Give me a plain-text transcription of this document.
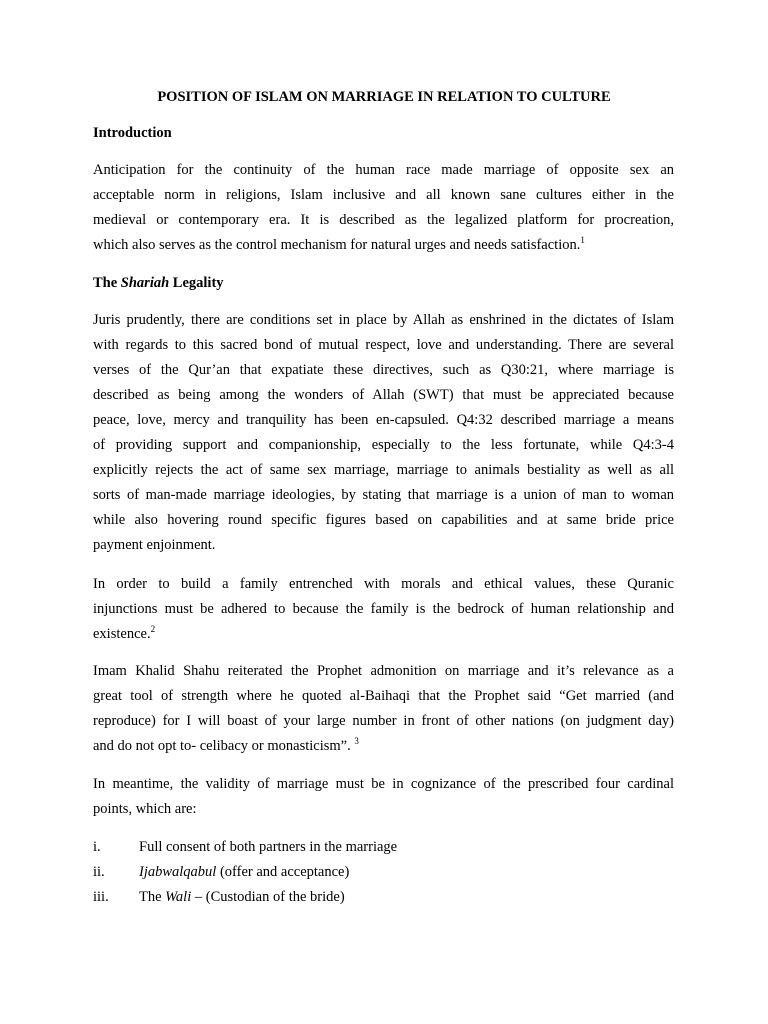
POSITION OF ISLAM ON MARRIAGE IN RELATION TO CULTURE
Introduction
Anticipation for the continuity of the human race made marriage of opposite sex an
acceptable norm in religions, Islam inclusive and all known sane cultures either in the
medieval or contemporary era. It is described as the legalized platform for procreation,
which also serves as the control mechanism for natural urges and needs satisfaction.$^1$
The Shariah Legality
Juris prudently, there are conditions set in place by Allah as enshrined in the dictates of Islam
with regards to this sacred bond of mutual respect, love and understanding. There are several
verses of the Qur’an that expatiate these directives, such as Q30:21, where marriage is
described as being among the wonders of Allah (SWT) that must be appreciated because
peace, love, mercy and tranquility has been en-capsuled. Q4:32 described marriage a means
of providing support and companionship, especially to the less fortunate, while Q4:3-4
explicitly rejects the act of same sex marriage, marriage to animals bestiality as well as all
sorts of man-made marriage ideologies, by stating that marriage is a union of man to woman
while also hovering round specific figures based on capabilities and at same bride price
payment enjoinment.
In order to build a family entrenched with morals and ethical values, these Quranic
injunctions must be adhered to because the family is the bedrock of human relationship and
existence.$^2$
Imam Khalid Shahu reiterated the Prophet admonition on marriage and it’s relevance as a
great tool of strength where he quoted al-Baihaqi that the Prophet said “Get married (and
reproduce) for I will boast of your large number in front of other nations (on judgment day)
and do not opt to- celibacy or monasticism”. $^3$
In meantime, the validity of marriage must be in cognizance of the prescribed four cardinal
points, which are:
i.	Full consent of both partners in the marriage
ii. Ijabwalqabul (offer and acceptance)
iii. The Wali – (Custodian of the bride)
